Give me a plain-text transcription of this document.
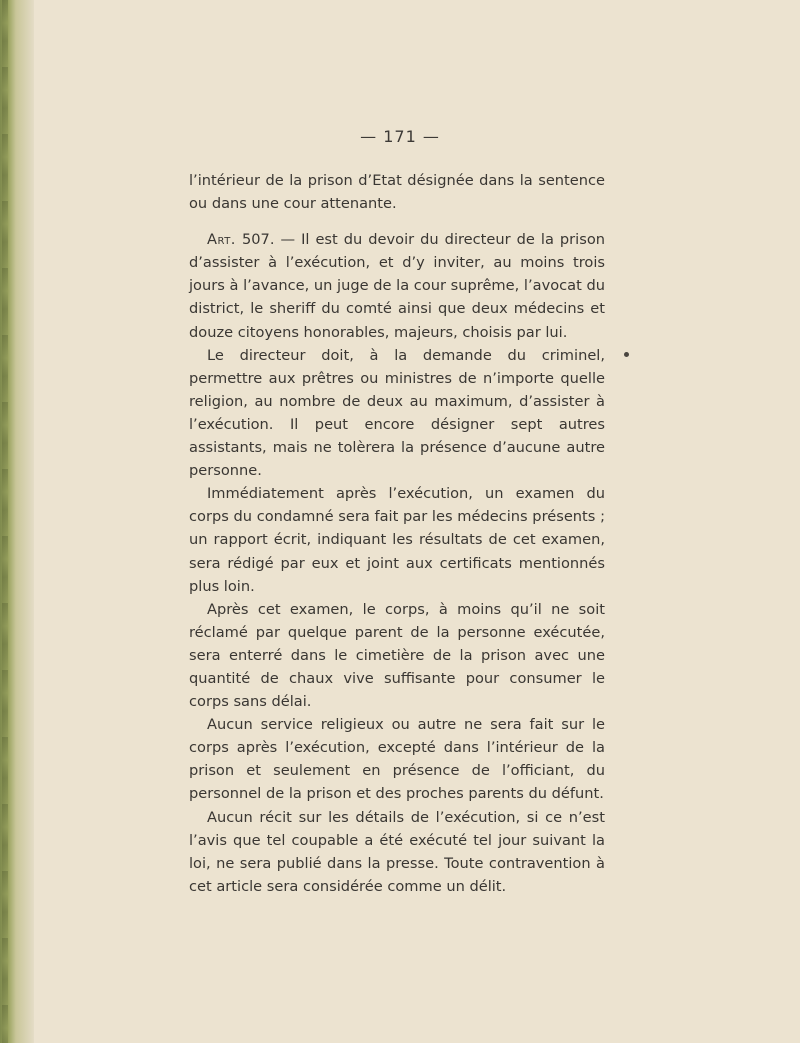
— 171 —

l’intérieur de la prison d’Etat désignée dans la sentence ou dans une cour attenante.

Art. 507. — Il est du devoir du directeur de la prison d’assister à l’exécution, et d’y inviter, au moins trois jours à l’avance, un juge de la cour suprême, l’avocat du district, le sheriff du comté ainsi que deux médecins et douze citoyens honorables, majeurs, choisis par lui.

Le directeur doit, à la demande du criminel, permettre aux prêtres ou ministres de n’importe quelle religion, au nombre de deux au maximum, d’assister à l’exécution. Il peut encore désigner sept autres assistants, mais ne tolèrera la présence d’aucune autre personne.

Immédiatement après l’exécution, un examen du corps du condamné sera fait par les médecins présents ; un rapport écrit, indiquant les résultats de cet examen, sera rédigé par eux et joint aux certificats mentionnés plus loin.

Après cet examen, le corps, à moins qu’il ne soit réclamé par quelque parent de la personne exécutée, sera enterré dans le cimetière de la prison avec une quantité de chaux vive suffisante pour consumer le corps sans délai.

Aucun service religieux ou autre ne sera fait sur le corps après l’exécution, excepté dans l’intérieur de la prison et seulement en présence de l’officiant, du personnel de la prison et des proches parents du défunt.

Aucun récit sur les détails de l’exécution, si ce n’est l’avis que tel coupable a été exécuté tel jour suivant la loi, ne sera publié dans la presse. Toute contravention à cet article sera considérée comme un délit.
